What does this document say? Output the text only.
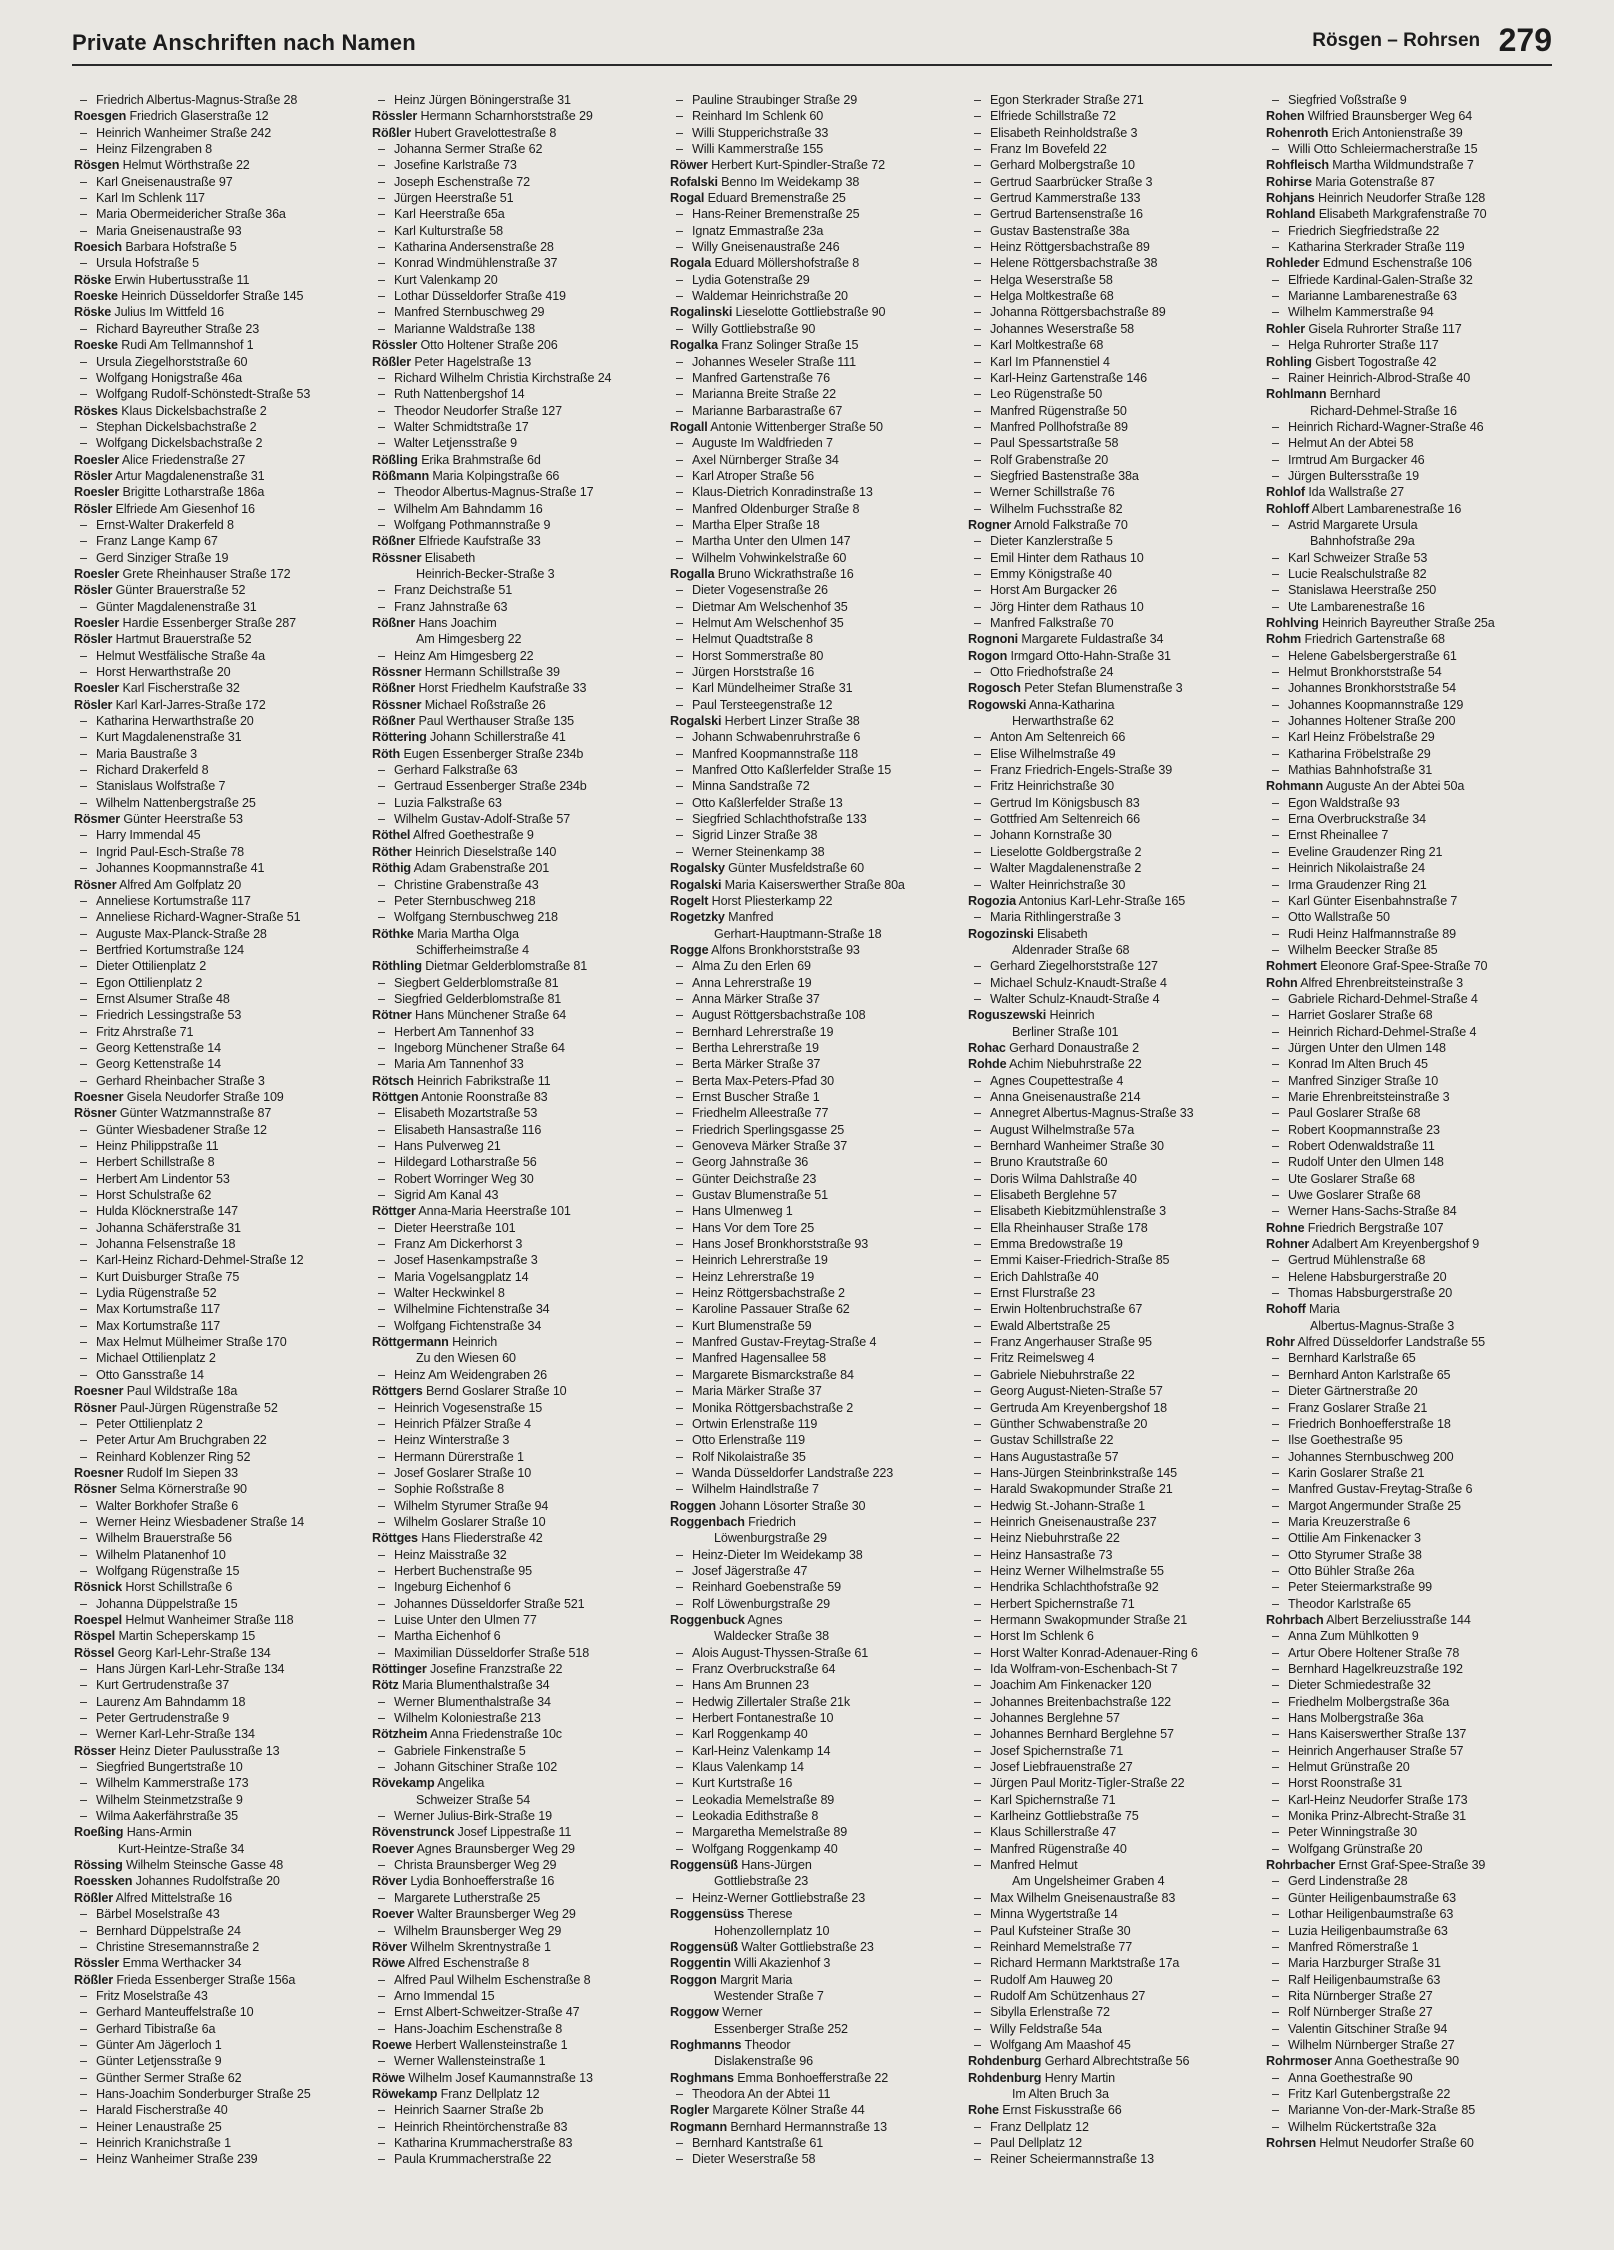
Private Anschriften nach Namen	Rösgen – Rohrsen 279
– Friedrich Albertus-Magnus-Straße 28
Roesgen Friedrich Glaserstraße 12
– Heinrich Wanheimer Straße 242
– Heinz Filzengraben 8
Rösgen Helmut Wörthstraße 22
– Karl Gneisenaustraße 97
– Karl Im Schlenk 117
– Maria Obermeidericher Straße 36a
– Maria Gneisenaustraße 93
Roesich Barbara Hofstraße 5
– Ursula Hofstraße 5
Röske Erwin Hubertusstraße 11
Roeske Heinrich Düsseldorfer Straße 145
Röske Julius Im Wittfeld 16
– Richard Bayreuther Straße 23
Roeske Rudi Am Tellmannshof 1
– Ursula Ziegelhorststraße 60
– Wolfgang Honigstraße 46a
– Wolfgang Rudolf-Schönstedt-Straße 53
Röskes Klaus Dickelsbachstraße 2
– Stephan Dickelsbachstraße 2
– Wolfgang Dickelsbachstraße 2
Roesler Alice Friedenstraße 27
Rösler Artur Magdalenenstraße 31
Roesler Brigitte Lotharstraße 186a
Rösler Elfriede Am Giesenhof 16
– Ernst-Walter Drakerfeld 8
– Franz Lange Kamp 67
– Gerd Sinziger Straße 19
Roesler Grete Rheinhauser Straße 172
Rösler Günter Brauerstraße 52
– Günter Magdalenenstraße 31
Roesler Hardie Essenberger Straße 287
Rösler Hartmut Brauerstraße 52
– Helmut Westfälische Straße 4a
– Horst Herwarthstraße 20
Roesler Karl Fischerstraße 32
Rösler Karl Karl-Jarres-Straße 172
– Katharina Herwarthstraße 20
– Kurt Magdalenenstraße 31
– Maria Baustraße 3
– Richard Drakerfeld 8
– Stanislaus Wolfstraße 7
– Wilhelm Nattenbergstraße 25
Rösmer Günter Heerstraße 53
– Harry Immendal 45
– Ingrid Paul-Esch-Straße 78
– Johannes Koopmannstraße 41
Rösner Alfred Am Golfplatz 20
– Anneliese Kortumstraße 117
– Anneliese Richard-Wagner-Straße 51
– Auguste Max-Planck-Straße 28
– Bertfried Kortumstraße 124
– Dieter Ottilienplatz 2
– Egon Ottilienplatz 2
– Ernst Alsumer Straße 48
– Friedrich Lessingstraße 53
– Fritz Ahrstraße 71
– Georg Kettenstraße 14
– Georg Kettenstraße 14
– Gerhard Rheinbacher Straße 3
Roesner Gisela Neudorfer Straße 109
Rösner Günter Watzmannstraße 87
– Günter Wiesbadener Straße 12
– Heinz Philippstraße 11
– Herbert Schillstraße 8
– Herbert Am Lindentor 53
– Horst Schulstraße 62
– Hulda Klöcknerstraße 147
– Johanna Schäferstraße 31
– Johanna Felsenstraße 18
– Karl-Heinz Richard-Dehmel-Straße 12
– Kurt Duisburger Straße 75
– Lydia Rügenstraße 52
– Max Kortumstraße 117
– Max Kortumstraße 117
– Max Helmut Mülheimer Straße 170
– Michael Ottilienplatz 2
– Otto Gansstraße 14
Roesner Paul Wildstraße 18a
Rösner Paul-Jürgen Rügenstraße 52
– Peter Ottilienplatz 2
– Peter Artur Am Bruchgraben 22
– Reinhard Koblenzer Ring 52
Roesner Rudolf Im Siepen 33
Rösner Selma Körnerstraße 90
– Walter Borkhofer Straße 6
– Werner Heinz Wiesbadener Straße 14
– Wilhelm Brauerstraße 56
– Wilhelm Platanenhof 10
– Wolfgang Rügenstraße 15
Rösnick Horst Schillstraße 6
– Johanna Düppelstraße 15
Roespel Helmut Wanheimer Straße 118
Röspel Martin Scheperskamp 15
Rössel Georg Karl-Lehr-Straße 134
– Hans Jürgen Karl-Lehr-Straße 134
– Kurt Gertrudenstraße 37
– Laurenz Am Bahndamm 18
– Peter Gertrudenstraße 9
– Werner Karl-Lehr-Straße 134
Rösser Heinz Dieter Paulusstraße 13
– Siegfried Bungertstraße 10
– Wilhelm Kammerstraße 173
– Wilhelm Steinmetzstraße 9
– Wilma Aakerfährstraße 35
Roeßing Hans-Armin
Kurt-Heintze-Straße 34
Rössing Wilhelm Steinsche Gasse 48
Roessken Johannes Rudolfstraße 20
Rößler Alfred Mittelstraße 16
– Bärbel Moselstraße 43
– Bernhard Düppelstraße 24
– Christine Stresemannstraße 2
Rössler Emma Werthacker 34
Rößler Frieda Essenberger Straße 156a
– Fritz Moselstraße 43
– Gerhard Manteuffelstraße 10
– Gerhard Tibistraße 6a
– Günter Am Jägerloch 1
– Günter Letjensstraße 9
– Günther Sermer Straße 62
– Hans-Joachim Sonderburger Straße 25
– Harald Fischerstraße 40
– Heiner Lenaustraße 25
– Heinrich Kranichstraße 1
– Heinz Wanheimer Straße 239
– Heinz Jürgen Böningerstraße 31
Rössler Hermann Scharnhorststraße 29
Rößler Hubert Gravelottestraße 8
– Johanna Sermer Straße 62
– Josefine Karlstraße 73
– Joseph Eschenstraße 72
– Jürgen Heerstraße 51
– Karl Heerstraße 65a
– Karl Kulturstraße 58
– Katharina Andersenstraße 28
– Konrad Windmühlenstraße 37
– Kurt Valenkamp 20
– Lothar Düsseldorfer Straße 419
– Manfred Sternbuschweg 29
– Marianne Waldstraße 138
Rössler Otto Holtener Straße 206
Rößler Peter Hagelstraße 13
– Richard Wilhelm Christia Kirchstraße 24
– Ruth Nattenbergshof 14
– Theodor Neudorfer Straße 127
– Walter Schmidtstraße 17
– Walter Letjensstraße 9
Rößling Erika Brahmstraße 6d
Rößmann Maria Kolpingstraße 66
– Theodor Albertus-Magnus-Straße 17
– Wilhelm Am Bahndamm 16
– Wolfgang Pothmannstraße 9
Rößner Elfriede Kaufstraße 33
Rössner Elisabeth
Heinrich-Becker-Straße 3
– Franz Deichstraße 51
– Franz Jahnstraße 63
Rößner Hans Joachim
Am Himgesberg 22
– Heinz Am Himgesberg 22
Rössner Hermann Schillstraße 39
Rößner Horst Friedhelm Kaufstraße 33
Rössner Michael Roßstraße 26
Rößner Paul Werthauser Straße 135
Röttering Johann Schillerstraße 41
Röth Eugen Essenberger Straße 234b
– Gerhard Falkstraße 63
– Gertraud Essenberger Straße 234b
– Luzia Falkstraße 63
– Wilhelm Gustav-Adolf-Straße 57
Röthel Alfred Goethestraße 9
Röther Heinrich Dieselstraße 140
Röthig Adam Grabenstraße 201
– Christine Grabenstraße 43
– Peter Sternbuschweg 218
– Wolfgang Sternbuschweg 218
Röthke Maria Martha Olga
Schifferheimstraße 4
Röthling Dietmar Gelderblomstraße 81
– Siegbert Gelderblomstraße 81
– Siegfried Gelderblomstraße 81
Rötner Hans Münchener Straße 64
– Herbert Am Tannenhof 33
– Ingeborg Münchener Straße 64
– Maria Am Tannenhof 33
Rötsch Heinrich Fabrikstraße 11
Röttgen Antonie Roonstraße 83
– Elisabeth Mozartstraße 53
– Elisabeth Hansastraße 116
– Hans Pulverweg 21
– Hildegard Lotharstraße 56
– Robert Worringer Weg 30
– Sigrid Am Kanal 43
Röttger Anna-Maria Heerstraße 101
– Dieter Heerstraße 101
– Franz Am Dickerhorst 3
– Josef Hasenkampstraße 3
– Maria Vogelsangplatz 14
– Walter Heckwinkel 8
– Wilhelmine Fichtenstraße 34
– Wolfgang Fichtenstraße 34
Röttgermann Heinrich
Zu den Wiesen 60
– Heinz Am Weidengraben 26
Röttgers Bernd Goslarer Straße 10
– Heinrich Vogesenstraße 15
– Heinrich Pfälzer Straße 4
– Heinz Winterstraße 3
– Hermann Dürerstraße 1
– Josef Goslarer Straße 10
– Sophie Roßstraße 8
– Wilhelm Styrumer Straße 94
– Wilhelm Goslarer Straße 10
Röttges Hans Fliederstraße 42
– Heinz Maisstraße 32
– Herbert Buchenstraße 95
– Ingeburg Eichenhof 6
– Johannes Düsseldorfer Straße 521
– Luise Unter den Ulmen 77
– Martha Eichenhof 6
– Maximilian Düsseldorfer Straße 518
Röttinger Josefine Franzstraße 22
Rötz Maria Blumenthalstraße 34
– Werner Blumenthalstraße 34
– Wilhelm Koloniestraße 213
Rötzheim Anna Friedenstraße 10c
– Gabriele Finkenstraße 5
– Johann Gitschiner Straße 102
Rövekamp Angelika
Schweizer Straße 54
– Werner Julius-Birk-Straße 19
Rövenstrunck Josef Lippestraße 11
Roever Agnes Braunsberger Weg 29
– Christa Braunsberger Weg 29
Röver Lydia Bonhoefferstraße 16
– Margarete Lutherstraße 25
Roever Walter Braunsberger Weg 29
– Wilhelm Braunsberger Weg 29
Röver Wilhelm Skrentnystraße 1
Röwe Alfred Eschenstraße 8
– Alfred Paul Wilhelm Eschenstraße 8
– Arno Immendal 15
– Ernst Albert-Schweitzer-Straße 47
– Hans-Joachim Eschenstraße 8
Roewe Herbert Wallensteinstraße 1
– Werner Wallensteinstraße 1
Röwe Wilhelm Josef Kaumannstraße 13
Röwekamp Franz Dellplatz 12
– Heinrich Saarner Straße 2b
– Heinrich Rheintörchenstraße 83
– Katharina Krummacherstraße 83
– Paula Krummacherstraße 22
– Pauline Straubinger Straße 29
– Reinhard Im Schlenk 60
– Willi Stupperichstraße 33
– Willi Kammerstraße 155
Röwer Herbert Kurt-Spindler-Straße 72
Rofalski Benno Im Weidekamp 38
Rogal Eduard Bremenstraße 25
– Hans-Reiner Bremenstraße 25
– Ignatz Emmastraße 23a
– Willy Gneisenaustraße 246
Rogala Eduard Möllershofstraße 8
– Lydia Gotenstraße 29
– Waldemar Heinrichstraße 20
Rogalinski Lieselotte Gottliebstraße 90
– Willy Gottliebstraße 90
Rogalka Franz Solinger Straße 15
– Johannes Weseler Straße 111
– Manfred Gartenstraße 76
– Marianna Breite Straße 22
– Marianne Barbarastraße 67
Rogall Antonie Wittenberger Straße 50
– Auguste Im Waldfrieden 7
– Axel Nürnberger Straße 34
– Karl Atroper Straße 56
– Klaus-Dietrich Konradinstraße 13
– Manfred Oldenburger Straße 8
– Martha Elper Straße 18
– Martha Unter den Ulmen 147
– Wilhelm Vohwinkelstraße 60
Rogalla Bruno Wickrathstraße 16
– Dieter Vogesenstraße 26
– Dietmar Am Welschenhof 35
– Helmut Am Welschenhof 35
– Helmut Quadtstraße 8
– Horst Sommerstraße 80
– Jürgen Horststraße 16
– Karl Mündelheimer Straße 31
– Paul Tersteegenstraße 12
Rogalski Herbert Linzer Straße 38
– Johann Schwabenruhrstraße 6
– Manfred Koopmannstraße 118
– Manfred Otto Kaßlerfelder Straße 15
– Minna Sandstraße 72
– Otto Kaßlerfelder Straße 13
– Siegfried Schlachthofstraße 133
– Sigrid Linzer Straße 38
– Werner Steinenkamp 38
Rogalsky Günter Musfeldstraße 60
Rogalski Maria Kaiserswerther Straße 80a
Rogelt Horst Pliesterkamp 22
Rogetzky Manfred
Gerhart-Hauptmann-Straße 18
Rogge Alfons Bronkhorststraße 93
– Alma Zu den Erlen 69
– Anna Lehrerstraße 19
– Anna Märker Straße 37
– August Röttgersbachstraße 108
– Bernhard Lehrerstraße 19
– Bertha Lehrerstraße 19
– Berta Märker Straße 37
– Berta Max-Peters-Pfad 30
– Ernst Buscher Straße 1
– Friedhelm Alleestraße 77
– Friedrich Sperlingsgasse 25
– Genoveva Märker Straße 37
– Georg Jahnstraße 36
– Günter Deichstraße 23
– Gustav Blumenstraße 51
– Hans Ulmenweg 1
– Hans Vor dem Tore 25
– Hans Josef Bronkhorststraße 93
– Heinrich Lehrerstraße 19
– Heinz Lehrerstraße 19
– Heinz Röttgersbachstraße 2
– Karoline Passauer Straße 62
– Kurt Blumenstraße 59
– Manfred Gustav-Freytag-Straße 4
– Manfred Hagensallee 58
– Margarete Bismarckstraße 84
– Maria Märker Straße 37
– Monika Röttgersbachstraße 2
– Ortwin Erlenstraße 119
– Otto Erlenstraße 119
– Rolf Nikolaistraße 35
– Wanda Düsseldorfer Landstraße 223
– Wilhelm Haindlstraße 7
Roggen Johann Lösorter Straße 30
Roggenbach Friedrich
Löwenburgstraße 29
– Heinz-Dieter Im Weidekamp 38
– Josef Jägerstraße 47
– Reinhard Goebenstraße 59
– Rolf Löwenburgstraße 29
Roggenbuck Agnes
Waldecker Straße 38
– Alois August-Thyssen-Straße 61
– Franz Overbruckstraße 64
– Hans Am Brunnen 23
– Hedwig Zillertaler Straße 21k
– Herbert Fontanestraße 10
– Karl Roggenkamp 40
– Karl-Heinz Valenkamp 14
– Klaus Valenkamp 14
– Kurt Kurtstraße 16
– Leokadia Memelstraße 89
– Leokadia Edithstraße 8
– Margaretha Memelstraße 89
– Wolfgang Roggenkamp 40
Roggensüß Hans-Jürgen
Gottliebstraße 23
– Heinz-Werner Gottliebstraße 23
Roggensüss Therese
Hohenzollernplatz 10
Roggensüß Walter Gottliebstraße 23
Roggentin Willi Akazienhof 3
Roggon Margrit Maria
Westender Straße 7
Roggow Werner
Essenberger Straße 252
Roghmanns Theodor
Dislakenstraße 96
Roghmans Emma Bonhoefferstraße 22
– Theodora An der Abtei 11
Rogler Margarete Kölner Straße 44
Rogmann Bernhard Hermannstraße 13
– Bernhard Kantstraße 61
– Dieter Weserstraße 58
– Egon Sterkrader Straße 271
– Elfriede Schillstraße 72
– Elisabeth Reinholdstraße 3
– Franz Im Bovefeld 22
– Gerhard Molbergstraße 10
– Gertrud Saarbrücker Straße 3
– Gertrud Kammerstraße 133
– Gertrud Bartensenstraße 16
– Gustav Bastenstraße 38a
– Heinz Röttgersbachstraße 89
– Helene Röttgersbachstraße 38
– Helga Weserstraße 58
– Helga Moltkestraße 68
– Johanna Röttgersbachstraße 89
– Johannes Weserstraße 58
– Karl Moltkestraße 68
– Karl Im Pfannenstiel 4
– Karl-Heinz Gartenstraße 146
– Leo Rügenstraße 50
– Manfred Rügenstraße 50
– Manfred Pollhofstraße 89
– Paul Spessartstraße 58
– Rolf Grabenstraße 20
– Siegfried Bastenstraße 38a
– Werner Schillstraße 76
– Wilhelm Fuchsstraße 82
Rogner Arnold Falkstraße 70
– Dieter Kanzlerstraße 5
– Emil Hinter dem Rathaus 10
– Emmy Königstraße 40
– Horst Am Burgacker 26
– Jörg Hinter dem Rathaus 10
– Manfred Falkstraße 70
Rognoni Margarete Fuldastraße 34
Rogon Irmgard Otto-Hahn-Straße 31
– Otto Friedhofstraße 24
Rogosch Peter Stefan Blumenstraße 3
Rogowski Anna-Katharina
Herwarthstraße 62
– Anton Am Seltenreich 66
– Elise Wilhelmstraße 49
– Franz Friedrich-Engels-Straße 39
– Fritz Heinrichstraße 30
– Gertrud Im Königsbusch 83
– Gottfried Am Seltenreich 66
– Johann Kornstraße 30
– Lieselotte Goldbergstraße 2
– Walter Magdalenenstraße 2
– Walter Heinrichstraße 30
Rogozia Antonius Karl-Lehr-Straße 165
– Maria Rithlingerstraße 3
Rogozinski Elisabeth
Aldenrader Straße 68
– Gerhard Ziegelhorststraße 127
– Michael Schulz-Knaudt-Straße 4
– Walter Schulz-Knaudt-Straße 4
Roguszewski Heinrich
Berliner Straße 101
Rohac Gerhard Donaustraße 2
Rohde Achim Niebuhrstraße 22
– Agnes Coupettestraße 4
– Anna Gneisenaustraße 214
– Annegret Albertus-Magnus-Straße 33
– August Wilhelmstraße 57a
– Bernhard Wanheimer Straße 30
– Bruno Krautstraße 60
– Doris Wilma Dahlstraße 40
– Elisabeth Berglehne 57
– Elisabeth Kiebitzmühlenstraße 3
– Ella Rheinhauser Straße 178
– Emma Bredowstraße 19
– Emmi Kaiser-Friedrich-Straße 85
– Erich Dahlstraße 40
– Ernst Flurstraße 23
– Erwin Holtenbruchstraße 67
– Ewald Albertstraße 25
– Franz Angerhauser Straße 95
– Fritz Reimelsweg 4
– Gabriele Niebuhrstraße 22
– Georg August-Nieten-Straße 57
– Gertruda Am Kreyenbergshof 18
– Günther Schwabenstraße 20
– Gustav Schillstraße 22
– Hans Augustastraße 57
– Hans-Jürgen Steinbrinkstraße 145
– Harald Swakopmunder Straße 21
– Hedwig St.-Johann-Straße 1
– Heinrich Gneisenaustraße 237
– Heinz Niebuhrstraße 22
– Heinz Hansastraße 73
– Heinz Werner Wilhelmstraße 55
– Hendrika Schlachthofstraße 92
– Herbert Spichernstraße 71
– Hermann Swakopmunder Straße 21
– Horst Im Schlenk 6
– Horst Walter Konrad-Adenauer-Ring 6
– Ida Wolfram-von-Eschenbach-St 7
– Joachim Am Finkenacker 120
– Johannes Breitenbachstraße 122
– Johannes Berglehne 57
– Johannes Bernhard Berglehne 57
– Josef Spichernstraße 71
– Josef Liebfrauenstraße 27
– Jürgen Paul Moritz-Tigler-Straße 22
– Karl Spichernstraße 71
– Karlheinz Gottliebstraße 75
– Klaus Schillerstraße 47
– Manfred Rügenstraße 40
– Manfred Helmut
Am Ungelsheimer Graben 4
– Max Wilhelm Gneisenaustraße 83
– Minna Wygertstraße 14
– Paul Kufsteiner Straße 30
– Reinhard Memelstraße 77
– Richard Hermann Marktstraße 17a
– Rudolf Am Hauweg 20
– Rudolf Am Schützenhaus 27
– Sibylla Erlenstraße 72
– Willy Feldstraße 54a
– Wolfgang Am Maashof 45
Rohdenburg Gerhard Albrechtstraße 56
Rohdenburg Henry Martin
Im Alten Bruch 3a
Rohe Ernst Fiskusstraße 66
– Franz Dellplatz 12
– Paul Dellplatz 12
– Reiner Scheiermannstraße 13
– Siegfried Voßstraße 9
Rohen Wilfried Braunsberger Weg 64
Rohenroth Erich Antonienstraße 39
– Willi Otto Schleiermacherstraße 15
Rohfleisch Martha Wildmundstraße 7
Rohirse Maria Gotenstraße 87
Rohjans Heinrich Neudorfer Straße 128
Rohland Elisabeth Markgrafenstraße 70
– Friedrich Siegfriedstraße 22
– Katharina Sterkrader Straße 119
Rohleder Edmund Eschenstraße 106
– Elfriede Kardinal-Galen-Straße 32
– Marianne Lambarenestraße 63
– Wilhelm Kammerstraße 94
Rohler Gisela Ruhrorter Straße 117
– Helga Ruhrorter Straße 117
Rohling Gisbert Togostraße 42
– Rainer Heinrich-Albrod-Straße 40
Rohlmann Bernhard
Richard-Dehmel-Straße 16
– Heinrich Richard-Wagner-Straße 46
– Helmut An der Abtei 58
– Irmtrud Am Burgacker 46
– Jürgen Bultersstraße 19
Rohlof Ida Wallstraße 27
Rohloff Albert Lambarenestraße 16
– Astrid Margarete Ursula
Bahnhofstraße 29a
– Karl Schweizer Straße 53
– Lucie Realschulstraße 82
– Stanislawa Heerstraße 250
– Ute Lambarenestraße 16
Rohlving Heinrich Bayreuther Straße 25a
Rohm Friedrich Gartenstraße 68
– Helene Gabelsbergerstraße 61
– Helmut Bronkhorststraße 54
– Johannes Bronkhorststraße 54
– Johannes Koopmannstraße 129
– Johannes Holtener Straße 200
– Karl Heinz Fröbelstraße 29
– Katharina Fröbelstraße 29
– Mathias Bahnhofstraße 31
Rohmann Auguste An der Abtei 50a
– Egon Waldstraße 93
– Erna Overbruckstraße 34
– Ernst Rheinallee 7
– Eveline Graudenzer Ring 21
– Heinrich Nikolaistraße 24
– Irma Graudenzer Ring 21
– Karl Günter Eisenbahnstraße 7
– Otto Wallstraße 50
– Rudi Heinz Halfmannstraße 89
– Wilhelm Beecker Straße 85
Rohmert Eleonore Graf-Spee-Straße 70
Rohn Alfred Ehrenbreitsteinstraße 3
– Gabriele Richard-Dehmel-Straße 4
– Harriet Goslarer Straße 68
– Heinrich Richard-Dehmel-Straße 4
– Jürgen Unter den Ulmen 148
– Konrad Im Alten Bruch 45
– Manfred Sinziger Straße 10
– Marie Ehrenbreitsteinstraße 3
– Paul Goslarer Straße 68
– Robert Koopmannstraße 23
– Robert Odenwaldstraße 11
– Rudolf Unter den Ulmen 148
– Ute Goslarer Straße 68
– Uwe Goslarer Straße 68
– Werner Hans-Sachs-Straße 84
Rohne Friedrich Bergstraße 107
Rohner Adalbert Am Kreyenbergshof 9
– Gertrud Mühlenstraße 68
– Helene Habsburgerstraße 20
– Thomas Habsburgerstraße 20
Rohoff Maria
Albertus-Magnus-Straße 3
Rohr Alfred Düsseldorfer Landstraße 55
– Bernhard Karlstraße 65
– Bernhard Anton Karlstraße 65
– Dieter Gärtnerstraße 20
– Franz Goslarer Straße 21
– Friedrich Bonhoefferstraße 18
– Ilse Goethestraße 95
– Johannes Sternbuschweg 200
– Karin Goslarer Straße 21
– Manfred Gustav-Freytag-Straße 6
– Margot Angermunder Straße 25
– Maria Kreuzerstraße 6
– Ottilie Am Finkenacker 3
– Otto Styrumer Straße 38
– Otto Bühler Straße 26a
– Peter Steiermarkstraße 99
– Theodor Karlstraße 65
Rohrbach Albert Berzeliusstraße 144
– Anna Zum Mühlkotten 9
– Artur Obere Holtener Straße 78
– Bernhard Hagelkreuzstraße 192
– Dieter Schmiedestraße 32
– Friedhelm Molbergstraße 36a
– Hans Molbergstraße 36a
– Hans Kaiserswerther Straße 137
– Heinrich Angerhauser Straße 57
– Helmut Grünstraße 20
– Horst Roonstraße 31
– Karl-Heinz Neudorfer Straße 173
– Monika Prinz-Albrecht-Straße 31
– Peter Winningstraße 30
– Wolfgang Grünstraße 20
Rohrbacher Ernst Graf-Spee-Straße 39
– Gerd Lindenstraße 28
– Günter Heiligenbaumstraße 63
– Lothar Heiligenbaumstraße 63
– Luzia Heiligenbaumstraße 63
– Manfred Römerstraße 1
– Maria Harzburger Straße 31
– Ralf Heiligenbaumstraße 63
– Rita Nürnberger Straße 27
– Rolf Nürnberger Straße 27
– Valentin Gitschiner Straße 94
– Wilhelm Nürnberger Straße 27
Rohrmoser Anna Goethestraße 90
– Anna Goethestraße 90
– Fritz Karl Gutenbergstraße 22
– Marianne Von-der-Mark-Straße 85
– Wilhelm Rückertstraße 32a
Rohrsen Helmut Neudorfer Straße 60
